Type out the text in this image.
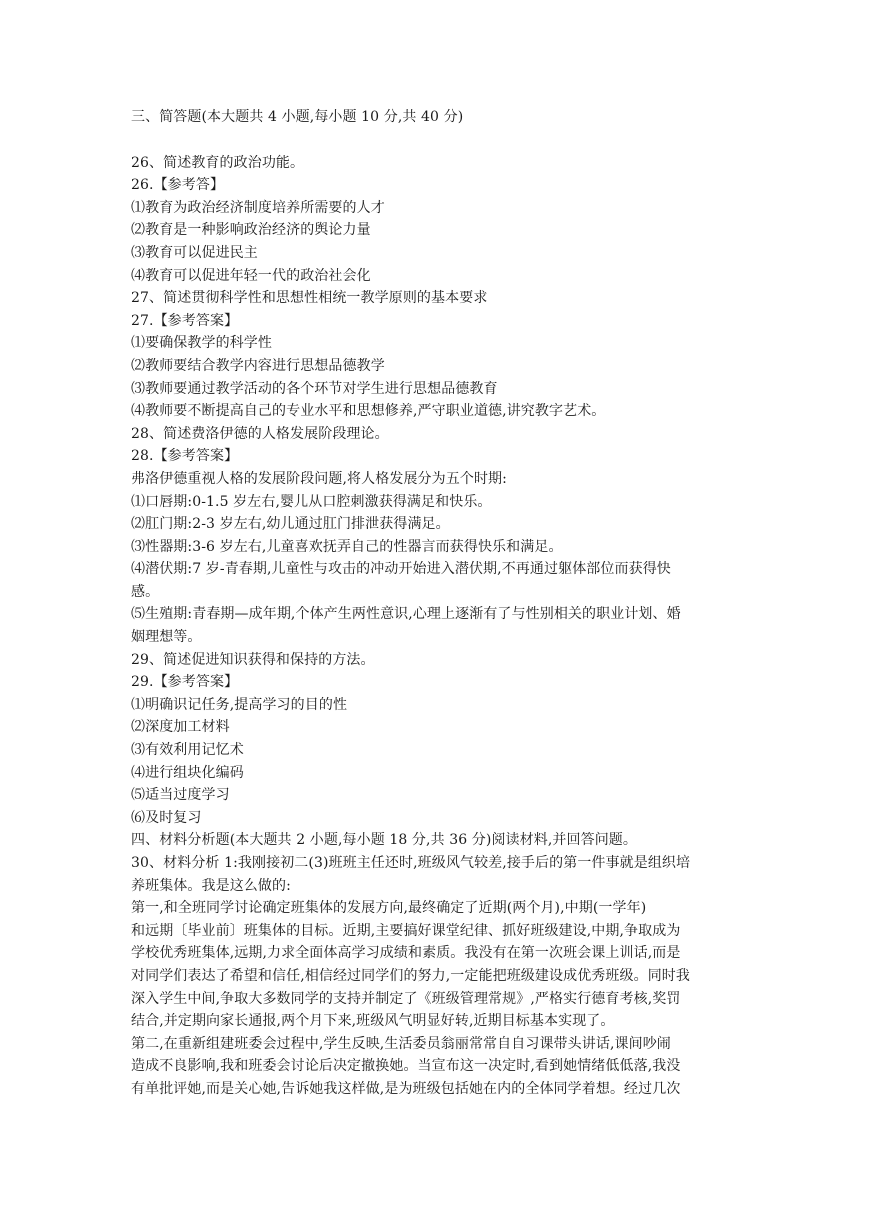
三、简答题(本大题共 4 小题,每小题 10 分,共 40 分)
26、简述教育的政治功能。
26.【参考答】
⑴教育为政治经济制度培养所需要的人才
⑵教育是一种影响政治经济的舆论力量
⑶教育可以促进民主
⑷教育可以促进年轻一代的政治社会化
27、简述贯彻科学性和思想性相统一教学原则的基本要求
27.【参考答案】
⑴要确保教学的科学性
⑵教师要结合教学内容进行思想品德教学
⑶教师要通过教学活动的各个环节对学生进行思想品德教育
⑷教师要不断提高自己的专业水平和思想修养,严守职业道德,讲究教字艺术。
28、简述费洛伊德的人格发展阶段理论。
28.【参考答案】
弗洛伊德重视人格的发展阶段问题,将人格发展分为五个时期:
⑴口唇期:0-1.5 岁左右,婴儿从口腔刺激获得满足和快乐。
⑵肛门期:2-3 岁左右,幼儿通过肛门排泄获得满足。
⑶性器期:3-6 岁左右,儿童喜欢抚弄自己的性器言而获得快乐和满足。
⑷潜伏期:7 岁-青春期,儿童性与攻击的冲动开始进入潜伏期,不再通过躯体部位而获得快
感。
⑸生殖期:青春期—成年期,个体产生两性意识,心理上逐渐有了与性别相关的职业计划、婚
姻理想等。
29、简述促进知识获得和保持的方法。
29.【参考答案】
⑴明确识记任务,提高学习的目的性
⑵深度加工材料
⑶有效利用记忆术
⑷进行组块化编码
⑸适当过度学习
⑹及时复习
四、材料分析题(本大题共 2 小题,每小题 18 分,共 36 分)阅读材料,并回答问题。
30、材料分析 1:我刚接初二(3)班班主任还时,班级风气较差,接手后的第一件事就是组织培
养班集体。我是这么做的:
第一,和全班同学讨论确定班集体的发展方向,最终确定了近期(两个月),中期(一学年)
和远期〔毕业前〕班集体的目标。近期,主要搞好课堂纪律、抓好班级建设,中期,争取成为
学校优秀班集体,远期,力求全面体高学习成绩和素质。我没有在第一次班会课上训话,而是
对同学们表达了希望和信任,相信经过同学们的努力,一定能把班级建设成优秀班级。同时我
深入学生中间,争取大多数同学的支持并制定了《班级管理常规》,严格实行德育考核,奖罚
结合,并定期向家长通报,两个月下来,班级风气明显好转,近期目标基本实现了。
第二,在重新组建班委会过程中,学生反映,生活委员翁丽常常自自习课带头讲话,课间吵闹
造成不良影响,我和班委会讨论后决定撤换她。当宣布这一决定时,看到她情绪低低落,我没
有单批评她,而是关心她,告诉她我这样做,是为班级包括她在内的全体同学着想。经过几次
